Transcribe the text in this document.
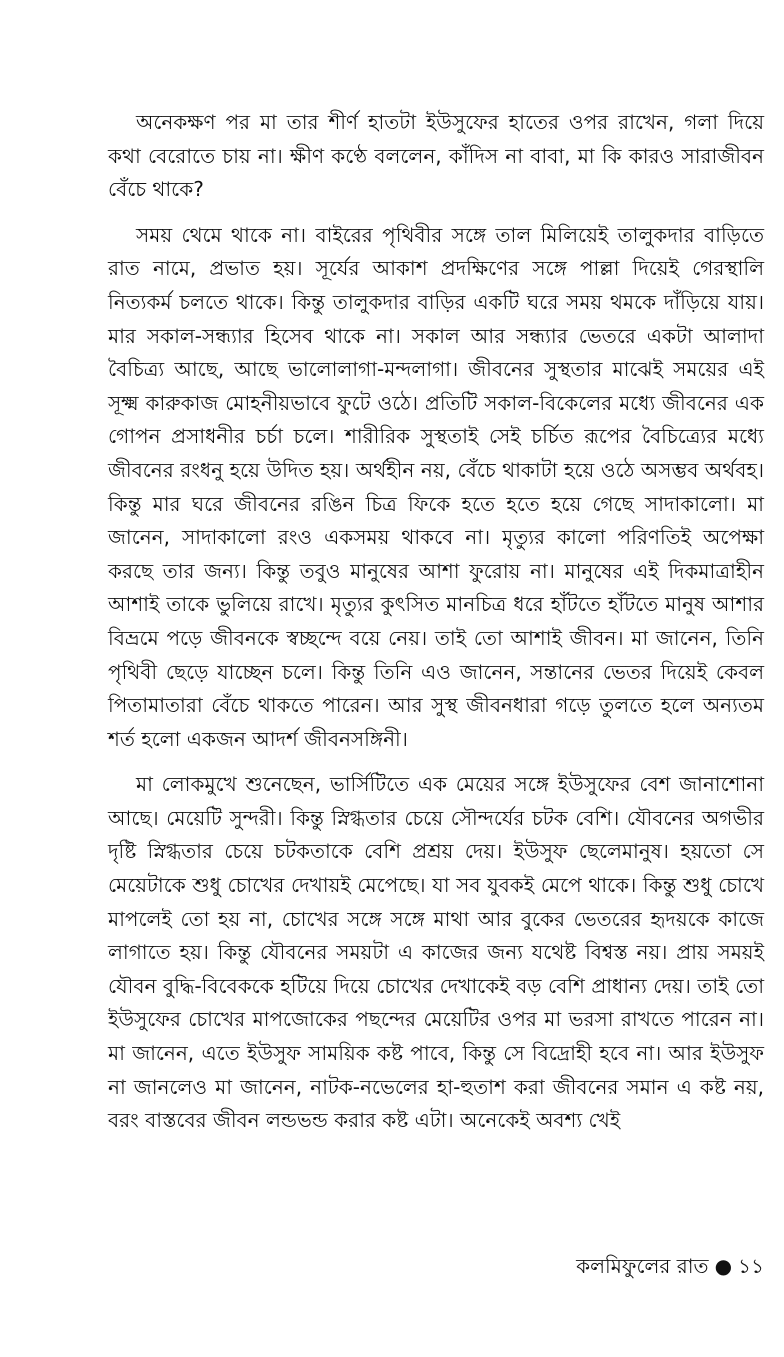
অনেকক্ষণ পর মা তার শীর্ণ হাতটা ইউসুফের হাতের ওপর রাখেন, গলা দিয়ে কথা বেরোতে চায় না। ক্ষীণ কণ্ঠে বললেন, কাঁদিস না বাবা, মা কি কারও সারাজীবন বেঁচে থাকে?

সময় থেমে থাকে না। বাইরের পৃথিবীর সঙ্গে তাল মিলিয়েই তালুকদার বাড়িতে রাত নামে, প্রভাত হয়। সূর্যের আকাশ প্রদক্ষিণের সঙ্গে পাল্লা দিয়েই গেরস্থালি নিত্যকর্ম চলতে থাকে। কিন্তু তালুকদার বাড়ির একটি ঘরে সময় থমকে দাঁড়িয়ে যায়। মার সকাল-সন্ধ্যার হিসেব থাকে না। সকাল আর সন্ধ্যার ভেতরে একটা আলাদা বৈচিত্র্য আছে, আছে ভালোলাগা-মন্দলাগা। জীবনের সুস্থতার মাঝেই সময়ের এই সূক্ষ্ম কারুকাজ মোহনীয়ভাবে ফুটে ওঠে। প্রতিটি সকাল-বিকেলের মধ্যে জীবনের এক গোপন প্রসাধনীর চর্চা চলে। শারীরিক সুস্থতাই সেই চর্চিত রূপের বৈচিত্র্যের মধ্যে জীবনের রংধনু হয়ে উদিত হয়। অর্থহীন নয়, বেঁচে থাকাটা হয়ে ওঠে অসম্ভব অর্থবহ। কিন্তু মার ঘরে জীবনের রঙিন চিত্র ফিকে হতে হতে হয়ে গেছে সাদাকালো। মা জানেন, সাদাকালো রংও একসময় থাকবে না। মৃত্যুর কালো পরিণতিই অপেক্ষা করছে তার জন্য। কিন্তু তবুও মানুষের আশা ফুরোয় না। মানুষের এই দিকমাত্রাহীন আশাই তাকে ভুলিয়ে রাখে। মৃত্যুর কুৎসিত মানচিত্র ধরে হাঁটতে হাঁটতে মানুষ আশার বিভ্রমে পড়ে জীবনকে স্বচ্ছন্দে বয়ে নেয়। তাই তো আশাই জীবন। মা জানেন, তিনি পৃথিবী ছেড়ে যাচ্ছেন চলে। কিন্তু তিনি এও জানেন, সন্তানের ভেতর দিয়েই কেবল পিতামাতারা বেঁচে থাকতে পারেন। আর সুস্থ জীবনধারা গড়ে তুলতে হলে অন্যতম শর্ত হলো একজন আদর্শ জীবনসঙ্গিনী।

মা লোকমুখে শুনেছেন, ভার্সিটিতে এক মেয়ের সঙ্গে ইউসুফের বেশ জানাশোনা আছে। মেয়েটি সুন্দরী। কিন্তু স্নিগ্ধতার চেয়ে সৌন্দর্যের চটক বেশি। যৌবনের অগভীর দৃষ্টি স্নিগ্ধতার চেয়ে চটকতাকে বেশি প্রশ্রয় দেয়। ইউসুফ ছেলেমানুষ। হয়তো সে মেয়েটাকে শুধু চোখের দেখায়ই মেপেছে। যা সব যুবকই মেপে থাকে। কিন্তু শুধু চোখে মাপলেই তো হয় না, চোখের সঙ্গে সঙ্গে মাথা আর বুকের ভেতরের হৃদয়কে কাজে লাগাতে হয়। কিন্তু যৌবনের সময়টা এ কাজের জন্য যথেষ্ট বিশ্বস্ত নয়। প্রায় সময়ই যৌবন বুদ্ধি-বিবেককে হটিয়ে দিয়ে চোখের দেখাকেই বড় বেশি প্রাধান্য দেয়। তাই তো ইউসুফের চোখের মাপজোকের পছন্দের মেয়েটির ওপর মা ভরসা রাখতে পারেন না। মা জানেন, এতে ইউসুফ সাময়িক কষ্ট পাবে, কিন্তু সে বিদ্রোহী হবে না। আর ইউসুফ না জানলেও মা জানেন, নাটক-নভেলের হা-হুতাশ করা জীবনের সমান এ কষ্ট নয়, বরং বাস্তবের জীবন লন্ডভন্ড করার কষ্ট এটা। অনেকেই অবশ্য খেই

কলমিফুলের রাত ● ১১
